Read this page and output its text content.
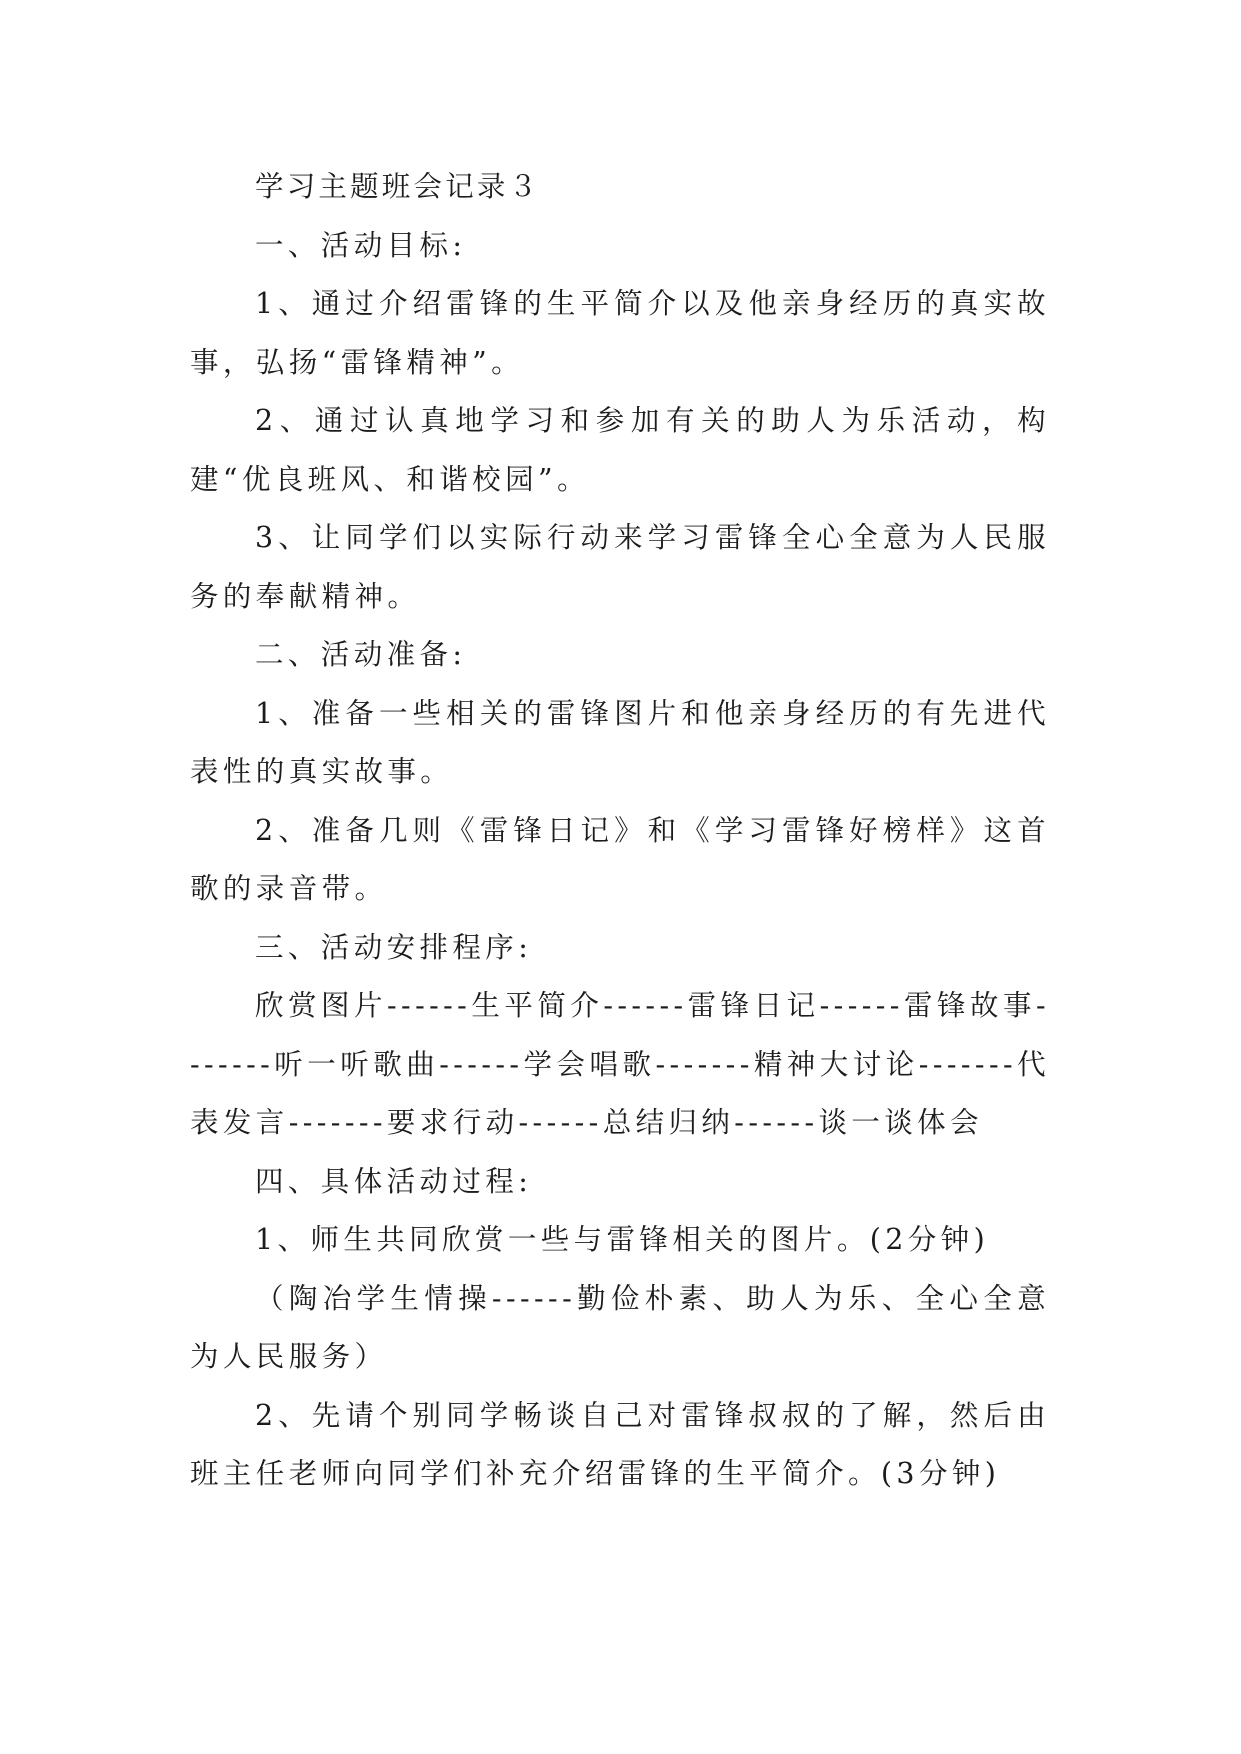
学习主题班会记录３

一、活动目标:

1、通过介绍雷锋的生平简介以及他亲身经历的真实故事，弘扬“雷锋精神”。

2、通过认真地学习和参加有关的助人为乐活动，构建“优良班风、和谐校园”。

3、让同学们以实际行动来学习雷锋全心全意为人民服务的奉献精神。

二、活动准备:

1、准备一些相关的雷锋图片和他亲身经历的有先进代表性的真实故事。

2、准备几则《雷锋日记》和《学习雷锋好榜样》这首歌的录音带。

三、活动安排程序:

欣赏图片------生平简介------雷锋日记------雷锋故事-------听一听歌曲------学会唱歌-------精神大讨论-------代表发言-------要求行动------总结归纳------谈一谈体会

四、具体活动过程:

1、师生共同欣赏一些与雷锋相关的图片。(2分钟)

（陶冶学生情操------勤俭朴素、助人为乐、全心全意为人民服务）

2、先请个别同学畅谈自己对雷锋叔叔的了解，然后由班主任老师向同学们补充介绍雷锋的生平简介。(3分钟)
